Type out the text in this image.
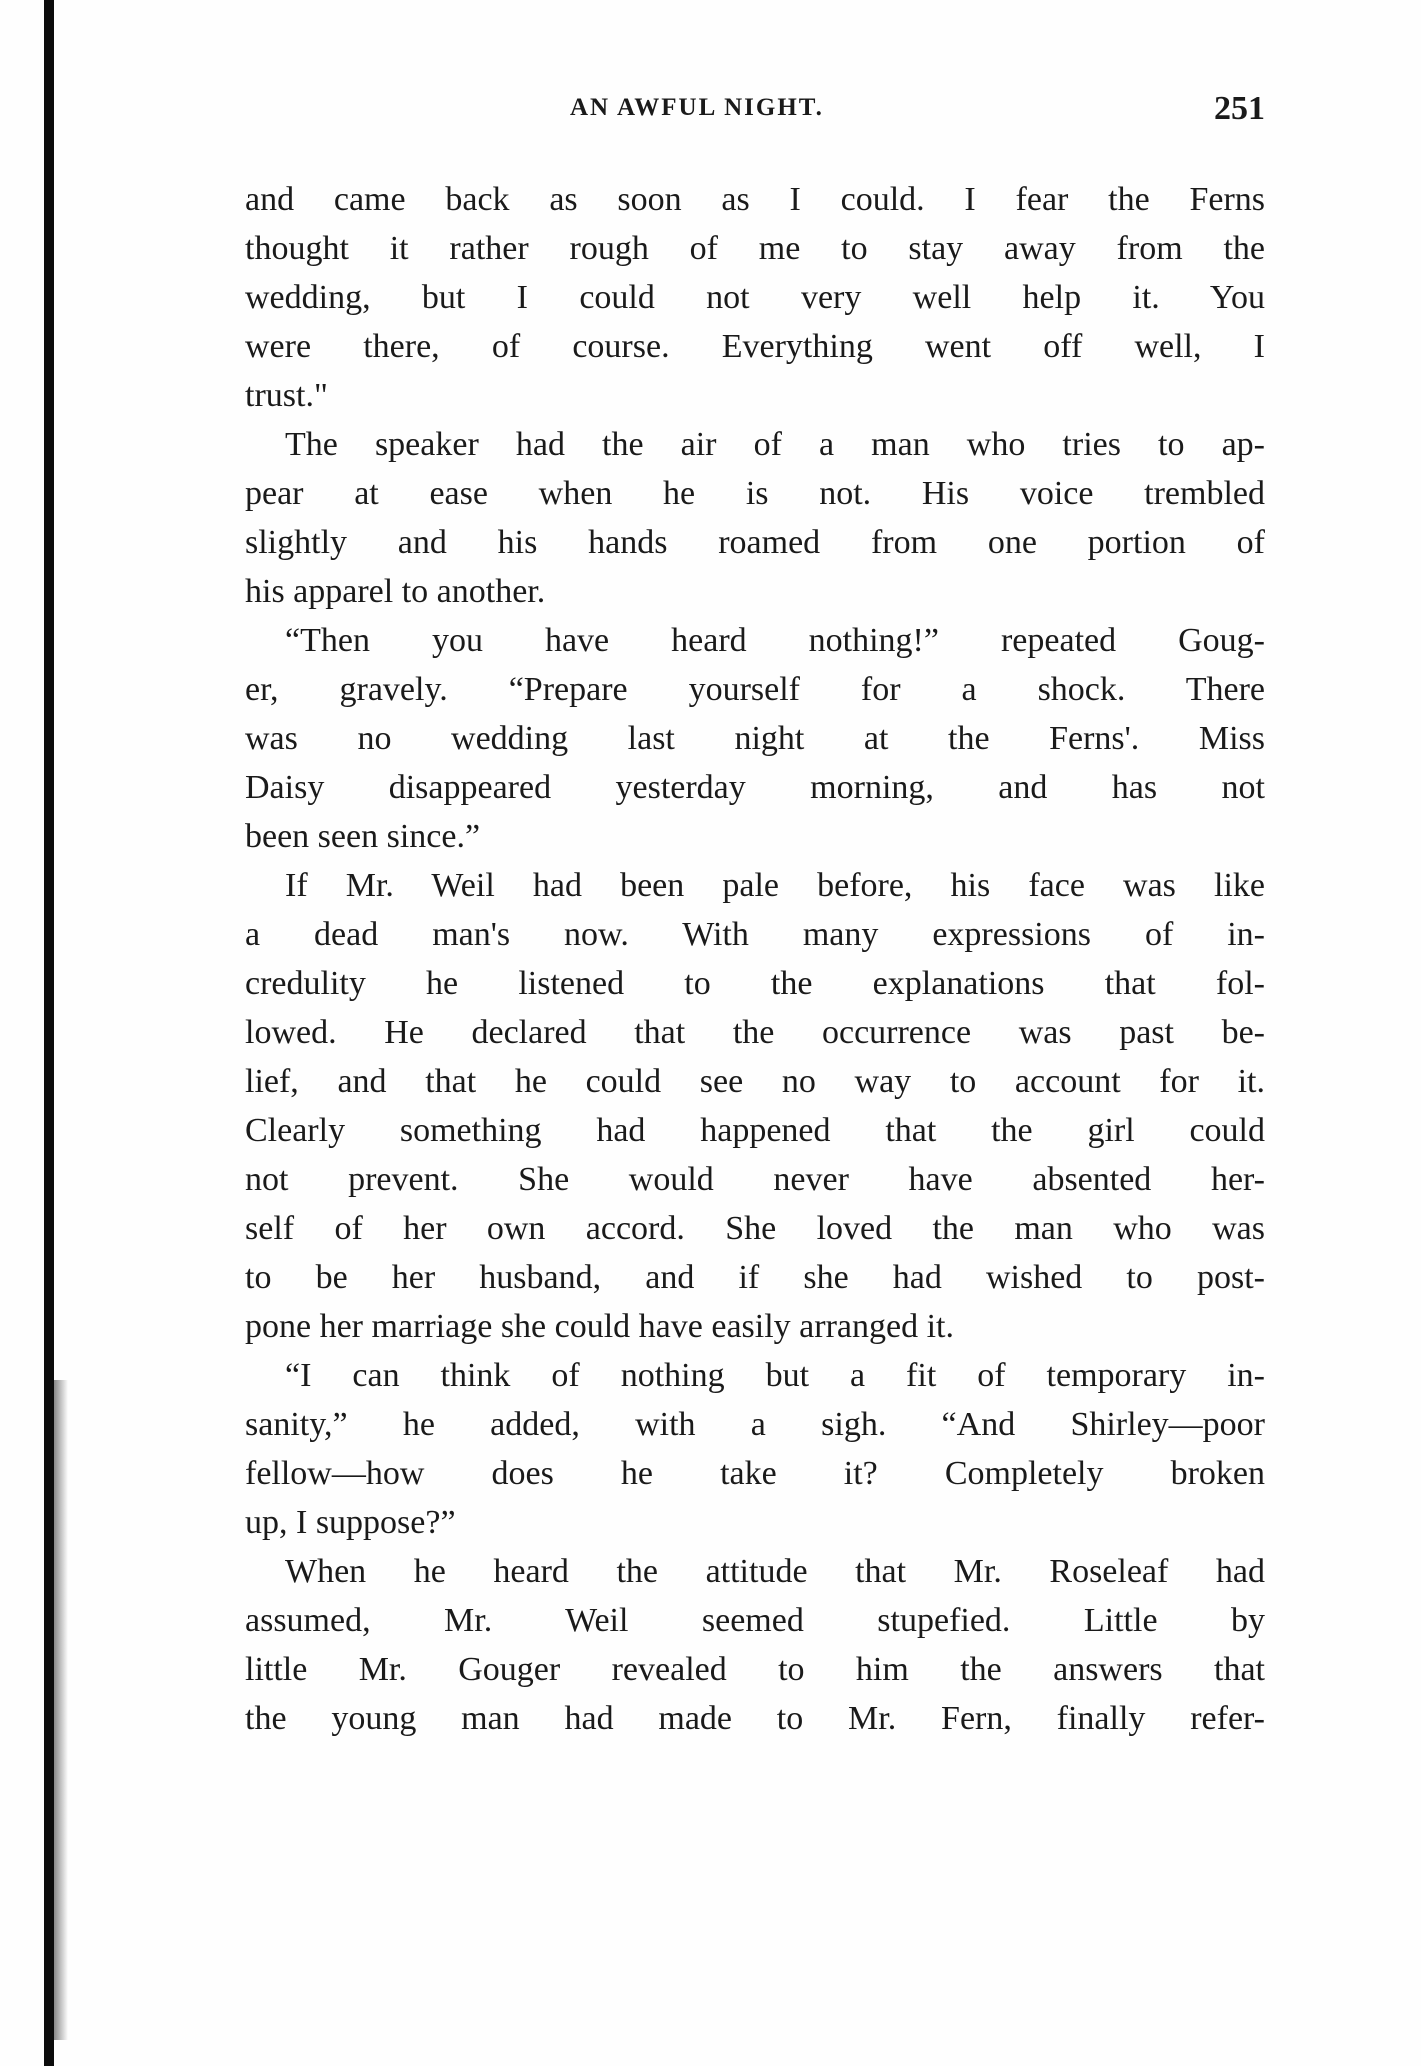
AN AWFUL NIGHT.	251
and came back as soon as I could. I fear the Ferns
thought it rather rough of me to stay away from the
wedding, but I could not very well help it. You
were there, of course. Everything went off well, I
trust."
The speaker had the air of a man who tries to ap-
pear at ease when he is not. His voice trembled
slightly and his hands roamed from one portion of
his apparel to another.
“Then you have heard nothing!” repeated Goug-
er, gravely. “Prepare yourself for a shock. There
was no wedding last night at the Ferns'. Miss
Daisy disappeared yesterday morning, and has not
been seen since.”
If Mr. Weil had been pale before, his face was like
a dead man's now. With many expressions of in-
credulity he listened to the explanations that fol-
lowed. He declared that the occurrence was past be-
lief, and that he could see no way to account for it.
Clearly something had happened that the girl could
not prevent. She would never have absented her-
self of her own accord. She loved the man who was
to be her husband, and if she had wished to post-
pone her marriage she could have easily arranged it.
“I can think of nothing but a fit of temporary in-
sanity,” he added, with a sigh. “And Shirley—poor
fellow—how does he take it? Completely broken
up, I suppose?”
When he heard the attitude that Mr. Roseleaf had
assumed, Mr. Weil seemed stupefied. Little by
little Mr. Gouger revealed to him the answers that
the young man had made to Mr. Fern, finally refer-
